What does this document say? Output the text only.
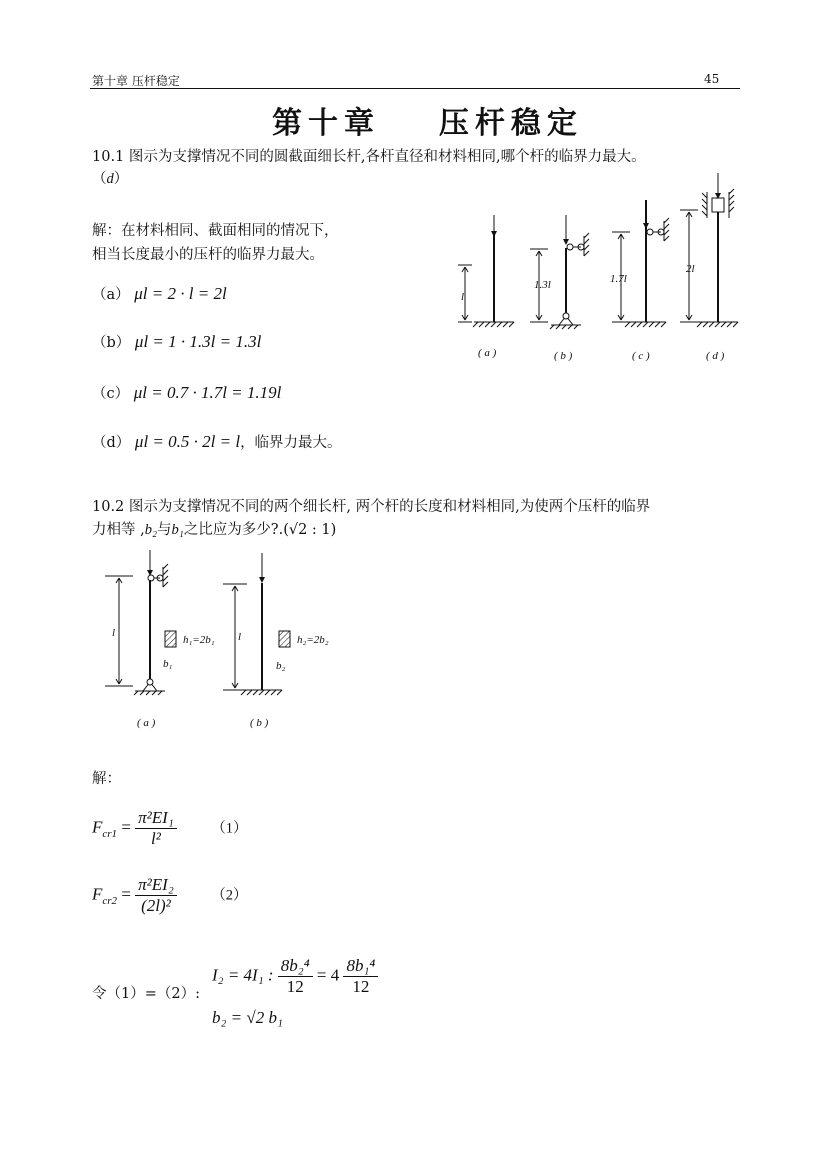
第十章 压杆稳定	45
第十章 压杆稳定
10.1 图示为支撑情况不同的圆截面细长杆,各杆直径和材料相同,哪个杆的临界力最大。
（d）
解：在材料相同、截面相同的情况下，
相当长度最小的压杆的临界力最大。
（a） μl = 2 · l = 2l
（b） μl = 1 · 1.3l = 1.3l
（c） μl = 0.7 · 1.7l = 1.19l
（d） μl = 0.5 · 2l = l，临界力最大。
l
1.3l	1.7l
2l
( a )	( b )	( c )	( d )
10.2 图示为支撑情况不同的两个细长杆, 两个杆的长度和材料相同,为使两个压杆的临界
力相等 ,b₂与b₁之比应为多少?.(√2 : 1)
l	l
h₁=2b₁
b₁
h₂=2b₂
b₂
( a )	( b )
解：
$F_{cr1} = \frac{\text{π²EI₁}}{\text{l²}} (1)$
$F_{cr2} = \frac{\text{π²EI₂}}{\text{(2l)²}} (2)$
令（1）=（2）:
I₂ = 4I₁ : $\frac{\text{8b₂⁴}}{12} = 4 \frac{\text{8b₁⁴}}{12}$
b₂ = √2 b₁
